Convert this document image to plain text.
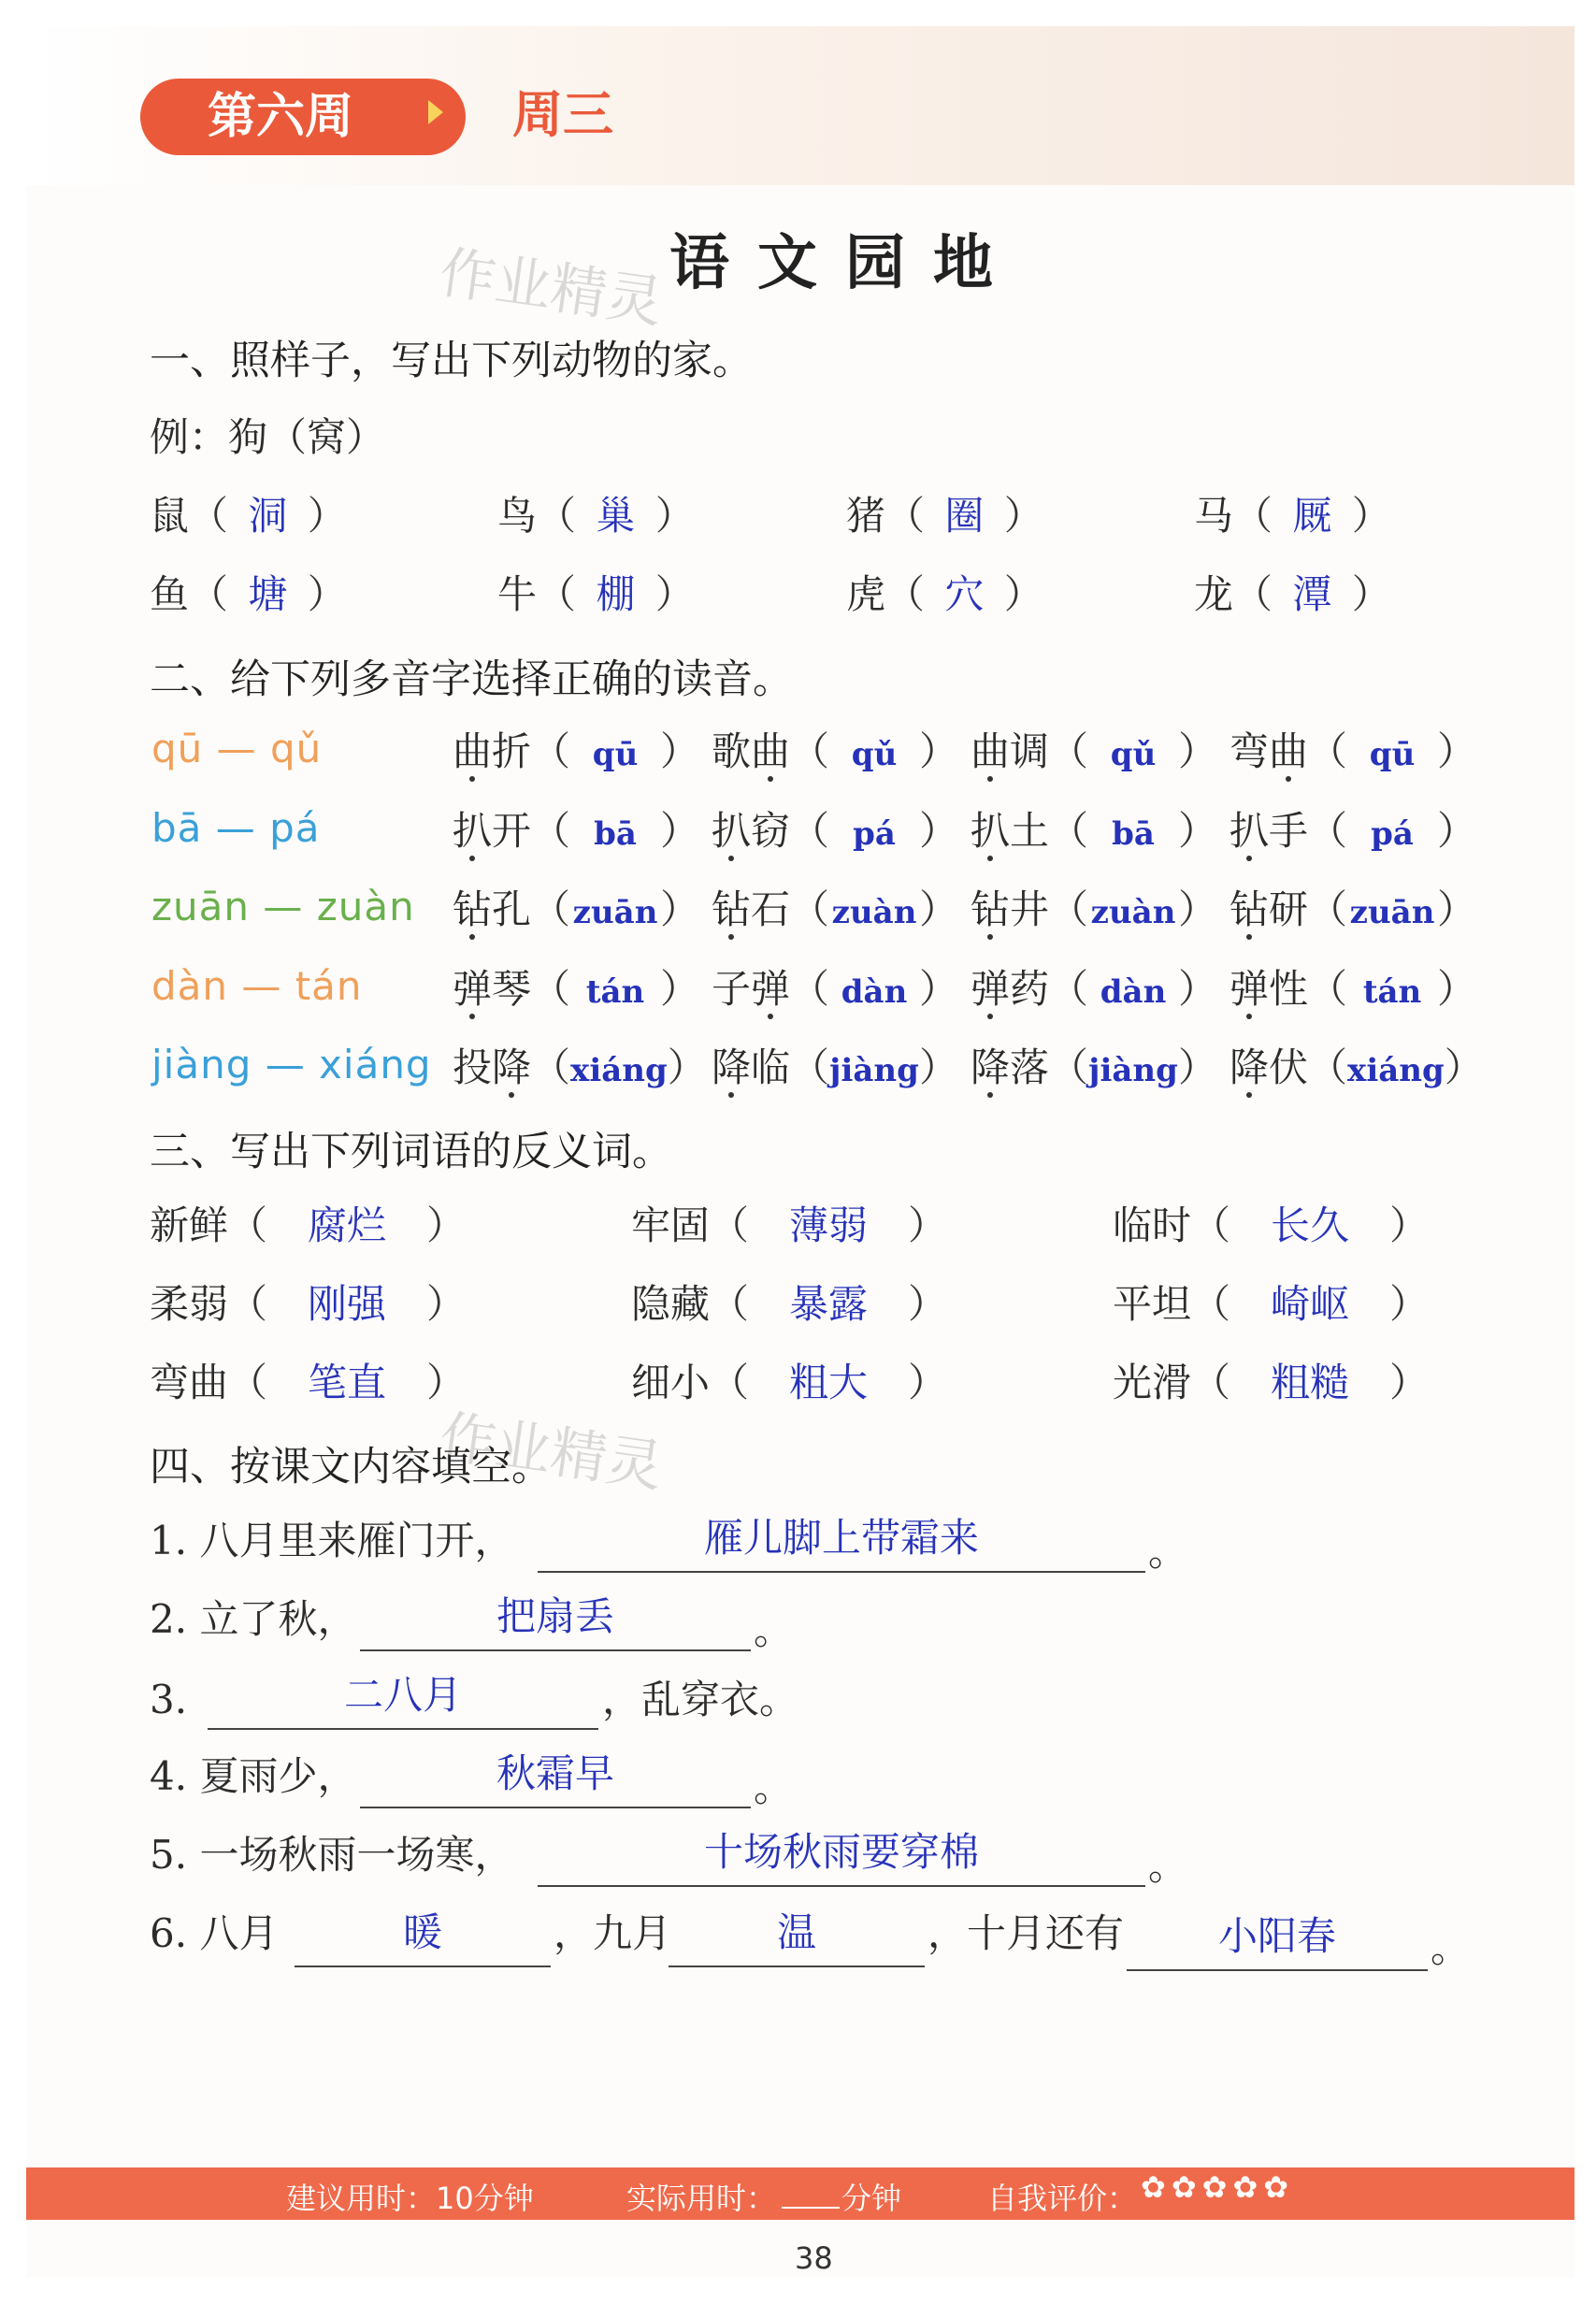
第六周	周三
语文园地
作业精灵
作业精灵
一、照样子，写出下列动物的家。
例：狗（窝）
鼠（ 洞 ）	鸟（ 巢 ）	猪（ 圈 ）	马（ 厩 ）
鱼（ 塘 ）	牛（ 棚 ）	虎（ 穴 ）	龙（ 潭 ）
二、给下列多音字选择正确的读音。
qū — qǔ	曲折（ qū ） 歌曲（ qǔ ） 曲调（ qǔ ） 弯曲（ qū ）
bā — pá	扒开（ bā ） 扒窃（ pá ） 扒土（ bā ） 扒手（ pá ）
zuān — zuàn 钻孔（zuān） 钻石（zuàn） 钻井（zuàn） 钻研（zuān）
dàn — tán 弹琴（ tán ） 子弹（ dàn ） 弹药（ dàn ） 弹性（ tán ）
jiàng — xiáng 投降（xiáng） 降临（jiàng） 降落（jiàng） 降伏（xiáng）
三、写出下列词语的反义词。
新鲜（ 腐烂 ）	牢固（ 薄弱 ）	临时（ 长久 ）
柔弱（ 刚强 ）	隐藏（ 暴露 ）	平坦（ 崎岖 ）
弯曲（ 笔直 ）	细小（ 粗大 ）	光滑（ 粗糙 ）
四、按课文内容填空。
1. 八月里来雁门开，	雁儿脚上带霜来	。
2. 立了秋，	把扇丢	。
3.	二八月	，乱穿衣。
4. 夏雨少，	秋霜早	。
5. 一场秋雨一场寒，	十场秋雨要穿棉	。
6. 八月	暖	，九月	温	，十月还有	小阳春	。
建议用时：10分钟	实际用时： 分钟	自我评价： ✿ ✿ ✿ ✿ ✿
38
